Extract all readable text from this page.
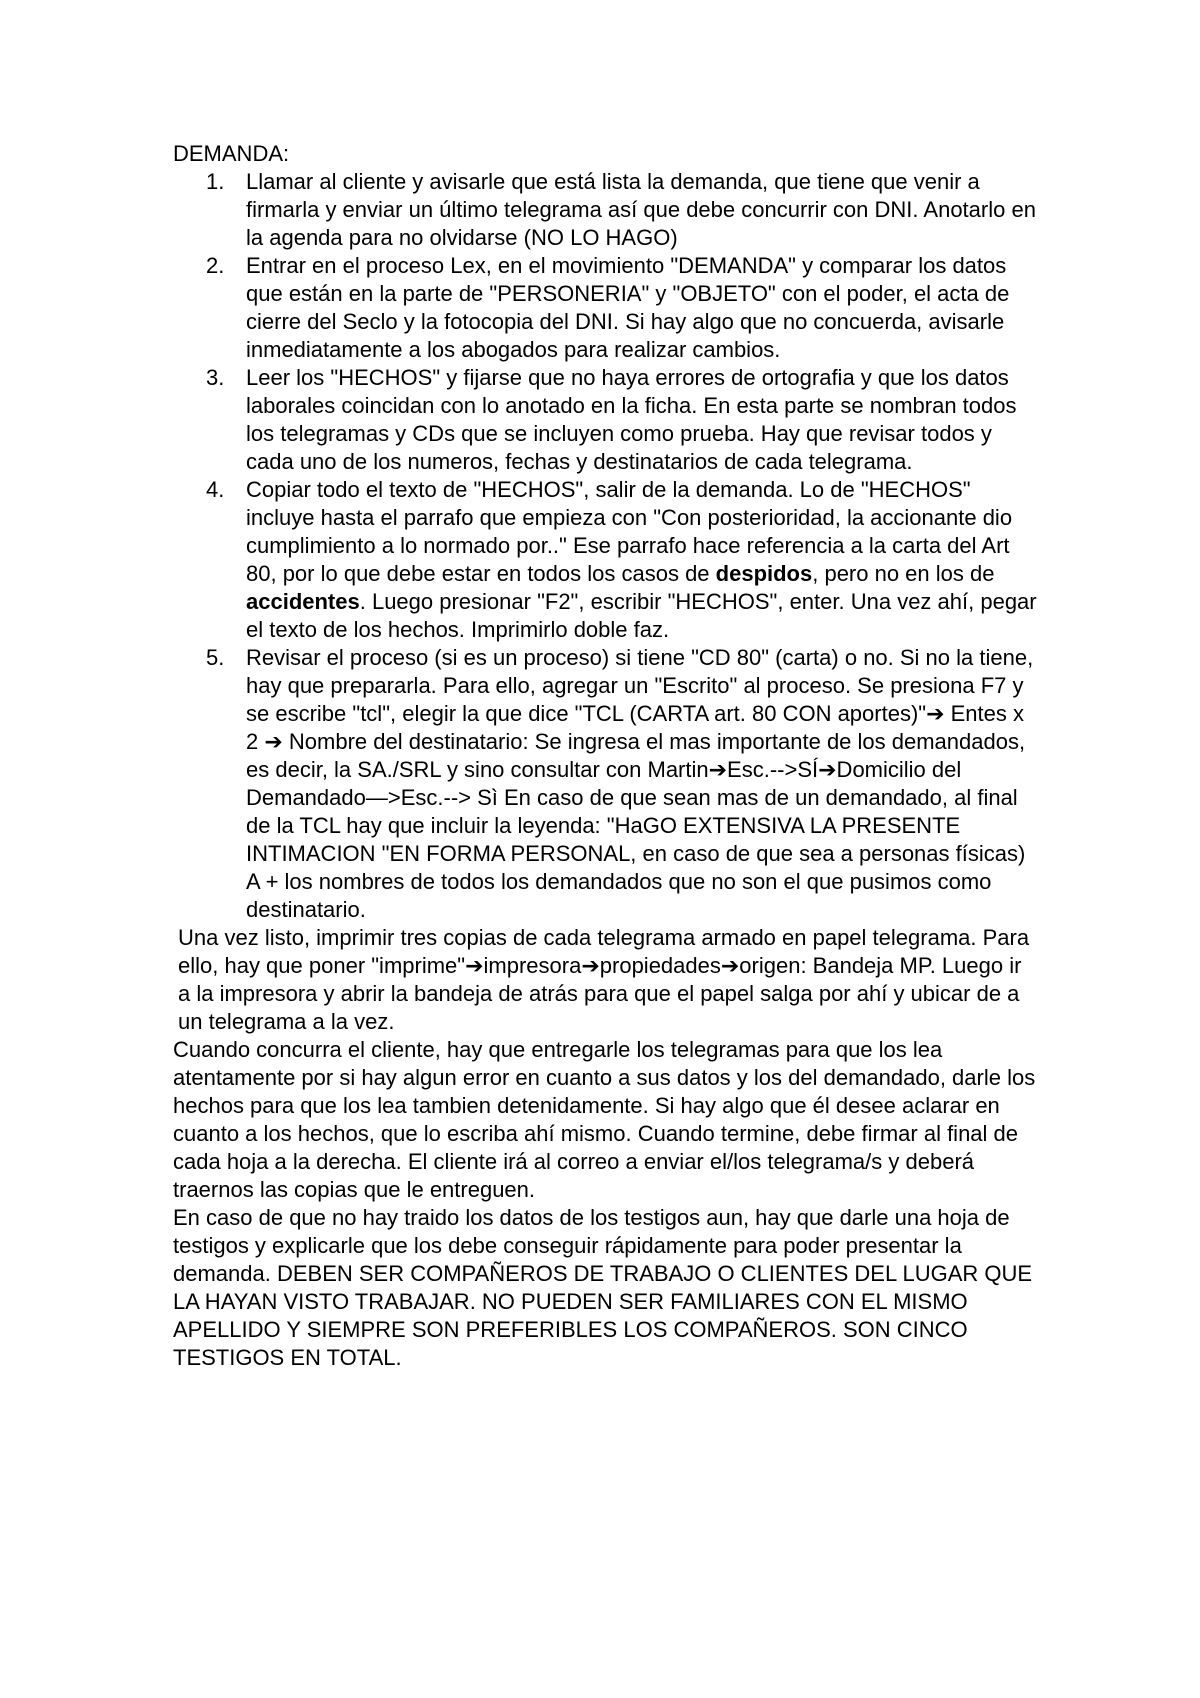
DEMANDA:

1. Llamar al cliente y avisarle que está lista la demanda, que tiene que venir a firmarla y enviar un último telegrama así que debe concurrir con DNI. Anotarlo en la agenda para no olvidarse (NO LO HAGO)
2. Entrar en el proceso Lex, en el movimiento "DEMANDA" y comparar los datos que están en la parte de "PERSONERIA" y "OBJETO" con el poder, el acta de cierre del Seclo y la fotocopia del DNI. Si hay algo que no concuerda, avisarle inmediatamente a los abogados para realizar cambios.
3. Leer los "HECHOS" y fijarse que no haya errores de ortografia y que los datos laborales coincidan con lo anotado en la ficha. En esta parte se nombran todos los telegramas y CDs que se incluyen como prueba. Hay que revisar todos y cada uno de los numeros, fechas y destinatarios de cada telegrama.
4. Copiar todo el texto de "HECHOS", salir de la demanda. Lo de "HECHOS" incluye hasta el parrafo que empieza con "Con posterioridad, la accionante dio cumplimiento a lo normado por.." Ese parrafo hace referencia a la carta del Art 80, por lo que debe estar en todos los casos de despidos, pero no en los de accidentes. Luego presionar "F2", escribir "HECHOS", enter. Una vez ahí, pegar el texto de los hechos. Imprimirlo doble faz.
5. Revisar el proceso (si es un proceso) si tiene "CD 80" (carta) o no. Si no la tiene, hay que prepararla. Para ello, agregar un "Escrito" al proceso. Se presiona F7 y se escribe "tcl", elegir la que dice "TCL (CARTA art. 80 CON aportes)"➔ Entes x 2 ➔ Nombre del destinatario: Se ingresa el mas importante de los demandados, es decir, la SA./SRL y sino consultar con Martin➔Esc.-->SÍ➔Domicilio del Demandado—>Esc.--> Sì En caso de que sean mas de un demandado, al final de la TCL hay que incluir la leyenda: "HaGO EXTENSIVA LA PRESENTE INTIMACION "EN FORMA PERSONAL, en caso de que sea a personas físicas) A + los nombres de todos los demandados que no son el que pusimos como destinatario.

Una vez listo, imprimir tres copias de cada telegrama armado en papel telegrama. Para ello, hay que poner "imprime"➔impresora➔propiedades➔origen: Bandeja MP. Luego ir a la impresora y abrir la bandeja de atrás para que el papel salga por ahí y ubicar de a un telegrama a la vez.

Cuando concurra el cliente, hay que entregarle los telegramas para que los lea atentamente por si hay algun error en cuanto a sus datos y los del demandado, darle los hechos para que los lea tambien detenidamente. Si hay algo que él desee aclarar en cuanto a los hechos, que lo escriba ahí mismo. Cuando termine, debe firmar al final de cada hoja a la derecha. El cliente irá al correo a enviar el/los telegrama/s y deberá traernos las copias que le entreguen.

En caso de que no hay traido los datos de los testigos aun, hay que darle una hoja de testigos y explicarle que los debe conseguir rápidamente para poder presentar la demanda. DEBEN SER COMPAÑEROS DE TRABAJO O CLIENTES DEL LUGAR QUE LA HAYAN VISTO TRABAJAR. NO PUEDEN SER FAMILIARES CON EL MISMO APELLIDO Y SIEMPRE SON PREFERIBLES LOS COMPAÑEROS. SON CINCO TESTIGOS EN TOTAL.
